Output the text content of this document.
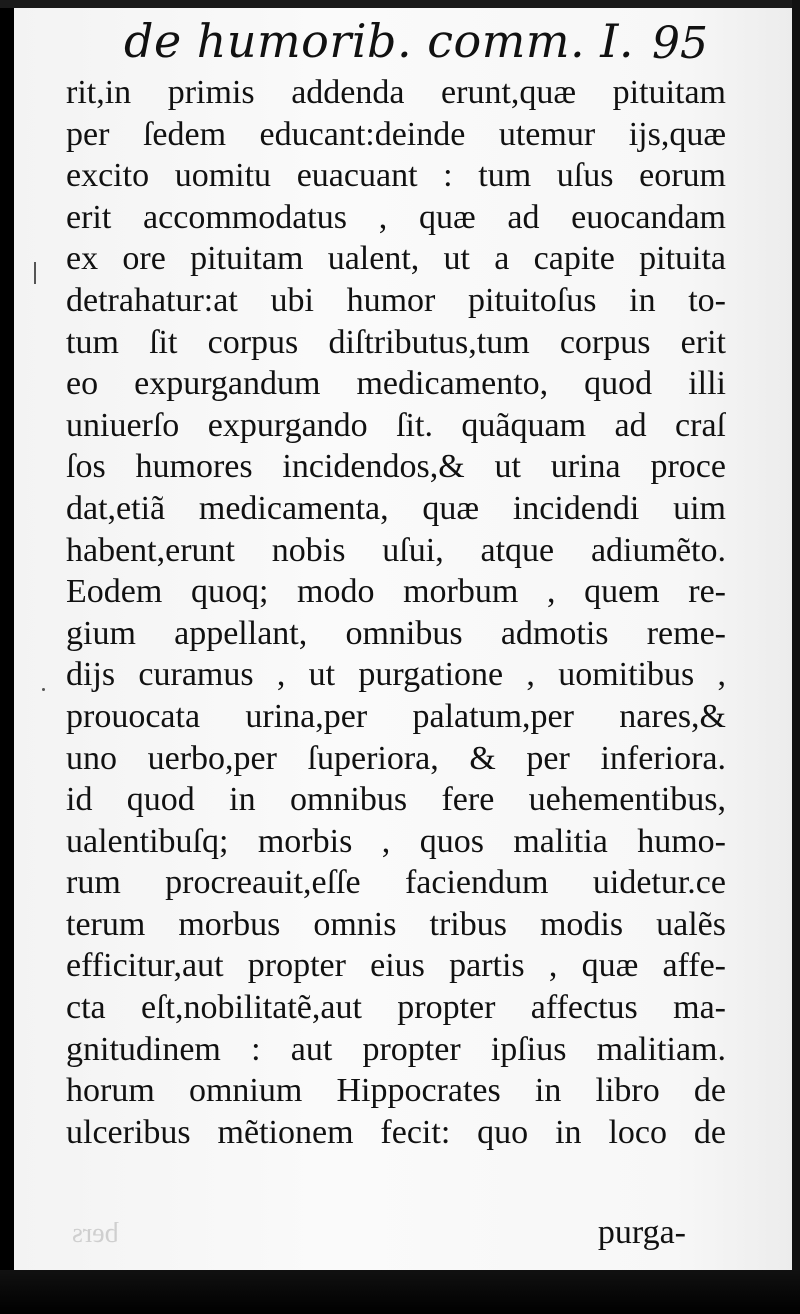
de humorib. comm. I. 95
rit,in primis addenda erunt,quæ pituitam
per ſedem educant:deinde utemur ijs,quæ
excito uomitu euacuant : tum uſus eorum
erit accommodatus , quæ ad euocandam
ex ore pituitam ualent, ut a capite pituita
detrahatur:at ubi humor pituitoſus in to-
tum ſit corpus diſtributus,tum corpus erit
eo expurgandum medicamento, quod illi
uniuerſo expurgando ſit. quãquam ad craſ
ſos humores incidendos,& ut urina proce
dat,etiã medicamenta, quæ incidendi uim
habent,erunt nobis uſui, atque adiumẽto.
Eodem quoq; modo morbum , quem re-
gium appellant, omnibus admotis reme-
dijs curamus , ut purgatione , uomitibus ,
prouocata urina,per palatum,per nares,&
uno uerbo,per ſuperiora, & per inferiora.
id quod in omnibus fere uehementibus,
ualentibuſq; morbis , quos malitia humo-
rum procreauit,eſſe faciendum uidetur.ce
terum morbus omnis tribus modis ualẽs
efficitur,aut propter eius partis , quæ affe-
cta eſt,nobilitatẽ,aut propter affectus ma-
gnitudinem : aut propter ipſius malitiam.
horum omnium Hippocrates in libro de
ulceribus mẽtionem fecit: quo in loco de
bers	purga-
